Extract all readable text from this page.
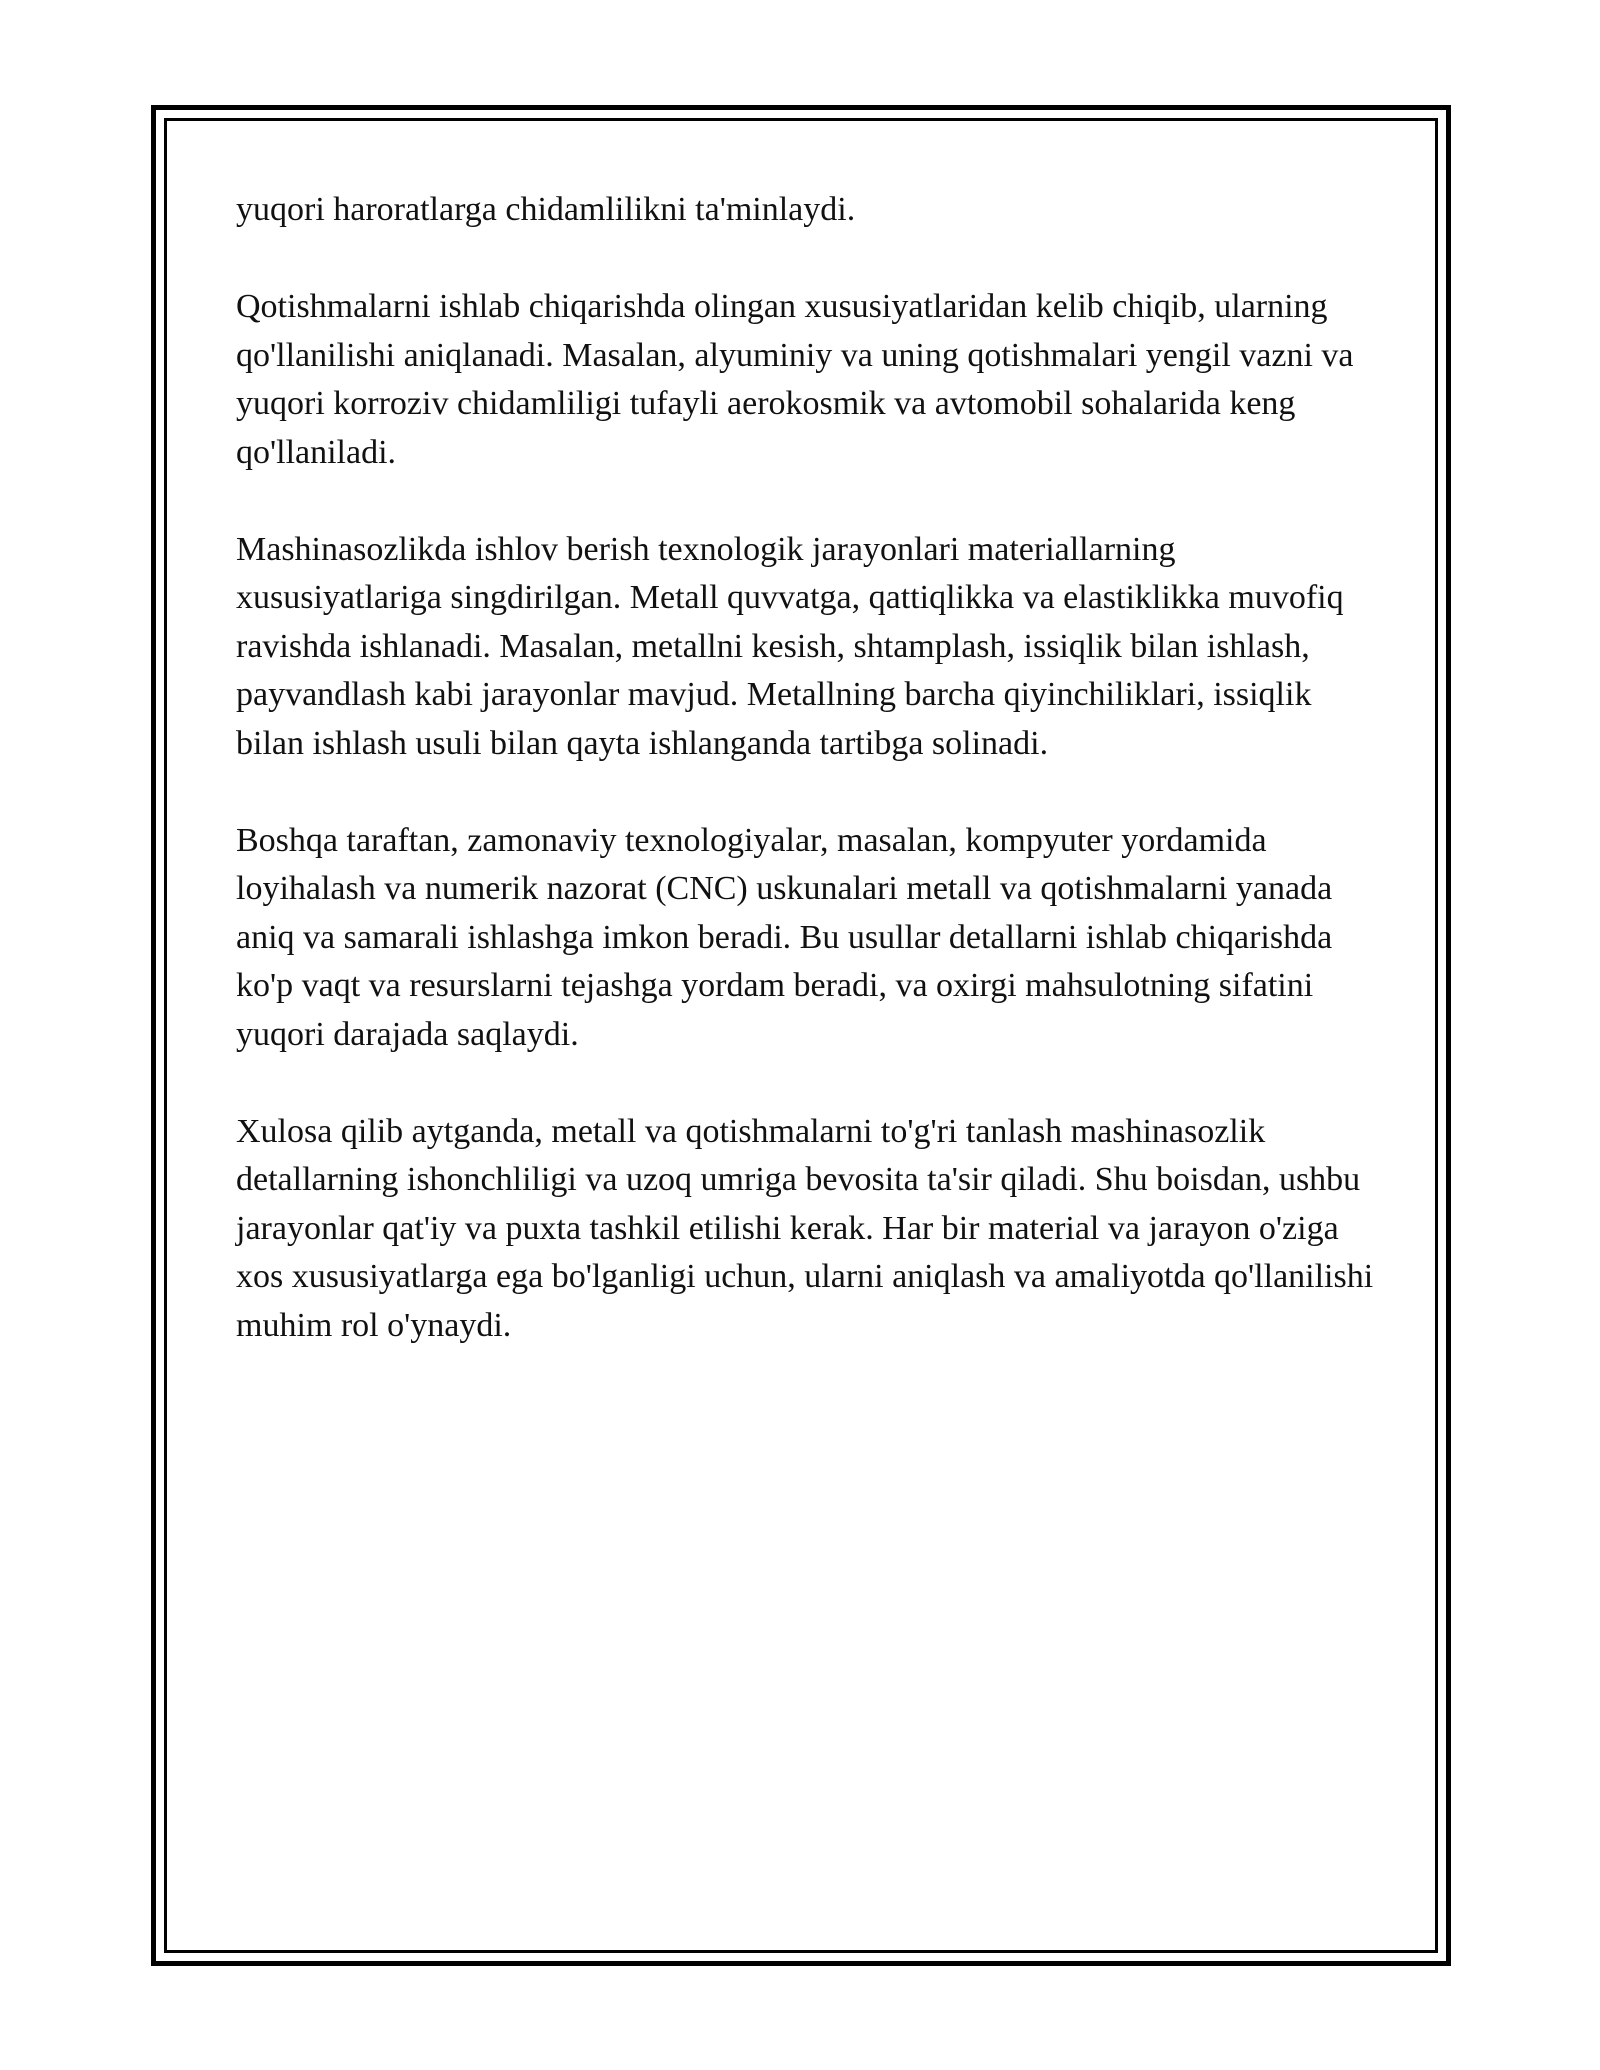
yuqori haroratlarga chidamlilikni ta'minlaydi.

Qotishmalarni ishlab chiqarishda olingan xususiyatlaridan kelib chiqib, ularning qo'llanilishi aniqlanadi. Masalan, alyuminiy va uning qotishmalari yengil vazni va yuqori korroziv chidamliligi tufayli aerokosmik va avtomobil sohalarida keng qo'llaniladi.

Mashinasozlikda ishlov berish texnologik jarayonlari materiallarning xususiyatlariga singdirilgan. Metall quvvatga, qattiqlikka va elastiklikka muvofiq ravishda ishlanadi. Masalan, metallni kesish, shtamplash, issiqlik bilan ishlash, payvandlash kabi jarayonlar mavjud. Metallning barcha qiyinchiliklari, issiqlik bilan ishlash usuli bilan qayta ishlanganda tartibga solinadi.

Boshqa taraftan, zamonaviy texnologiyalar, masalan, kompyuter yordamida loyihalash va numerik nazorat (CNC) uskunalari metall va qotishmalarni yanada aniq va samarali ishlashga imkon beradi. Bu usullar detallarni ishlab chiqarishda ko'p vaqt va resurslarni tejashga yordam beradi, va oxirgi mahsulotning sifatini yuqori darajada saqlaydi.

Xulosa qilib aytganda, metall va qotishmalarni to'g'ri tanlash mashinasozlik detallarning ishonchliligi va uzoq umriga bevosita ta'sir qiladi. Shu boisdan, ushbu jarayonlar qat'iy va puxta tashkil etilishi kerak. Har bir material va jarayon o'ziga xos xususiyatlarga ega bo'lganligi uchun, ularni aniqlash va amaliyotda qo'llanilishi muhim rol o'ynaydi.
